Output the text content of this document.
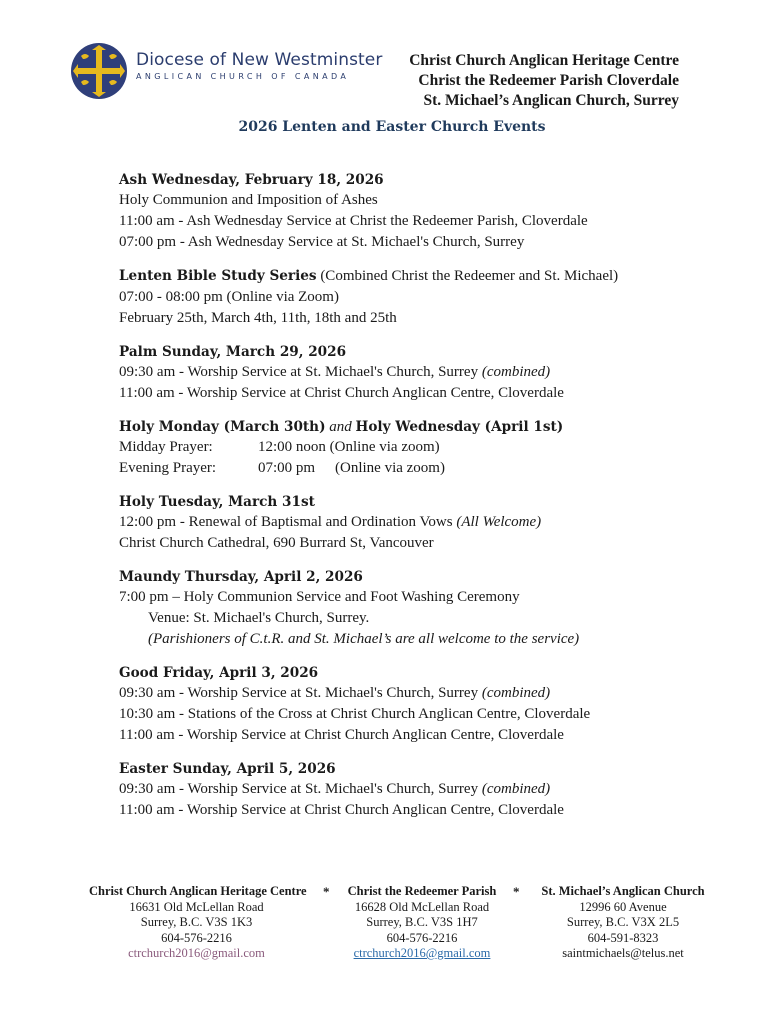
Diocese of New Westminster
ANGLICAN CHURCH OF CANADA
Christ Church Anglican Heritage Centre
Christ the Redeemer Parish Cloverdale
St. Michael’s Anglican Church, Surrey
2026 Lenten and Easter Church Events
Ash Wednesday, February 18, 2026
Holy Communion and Imposition of Ashes
11:00 am - Ash Wednesday Service at Christ the Redeemer Parish, Cloverdale
07:00 pm - Ash Wednesday Service at St. Michael's Church, Surrey
Lenten Bible Study Series (Combined Christ the Redeemer and St. Michael)
07:00 - 08:00 pm (Online via Zoom)
February 25th, March 4th, 11th, 18th and 25th
Palm Sunday, March 29, 2026
09:30 am - Worship Service at St. Michael's Church, Surrey (combined)
11:00 am - Worship Service at Christ Church Anglican Centre, Cloverdale
Holy Monday (March 30th) and Holy Wednesday (April 1st)
Midday Prayer:	12:00 noon (Online via zoom)
Evening Prayer:	07:00 pm (Online via zoom)
Holy Tuesday, March 31st
12:00 pm - Renewal of Baptismal and Ordination Vows (All Welcome)
Christ Church Cathedral, 690 Burrard St, Vancouver
Maundy Thursday, April 2, 2026
7:00 pm – Holy Communion Service and Foot Washing Ceremony
Venue: St. Michael's Church, Surrey.
(Parishioners of C.t.R. and St. Michael’s are all welcome to the service)
Good Friday, April 3, 2026
09:30 am - Worship Service at St. Michael's Church, Surrey (combined)
10:30 am - Stations of the Cross at Christ Church Anglican Centre, Cloverdale
11:00 am - Worship Service at Christ Church Anglican Centre, Cloverdale
Easter Sunday, April 5, 2026
09:30 am - Worship Service at St. Michael's Church, Surrey (combined)
11:00 am - Worship Service at Christ Church Anglican Centre, Cloverdale
Christ Church Anglican Heritage Centre
16631 Old McLellan Road
Surrey, B.C. V3S 1K3
604-576-2216
ctrchurch2016@gmail.com
*	Christ the Redeemer Parish
16628 Old McLellan Road
Surrey, B.C. V3S 1H7
604-576-2216
ctrchurch2016@gmail.com
*	St. Michael’s Anglican Church
12996 60 Avenue
Surrey, B.C. V3X 2L5
604-591-8323
saintmichaels@telus.net
